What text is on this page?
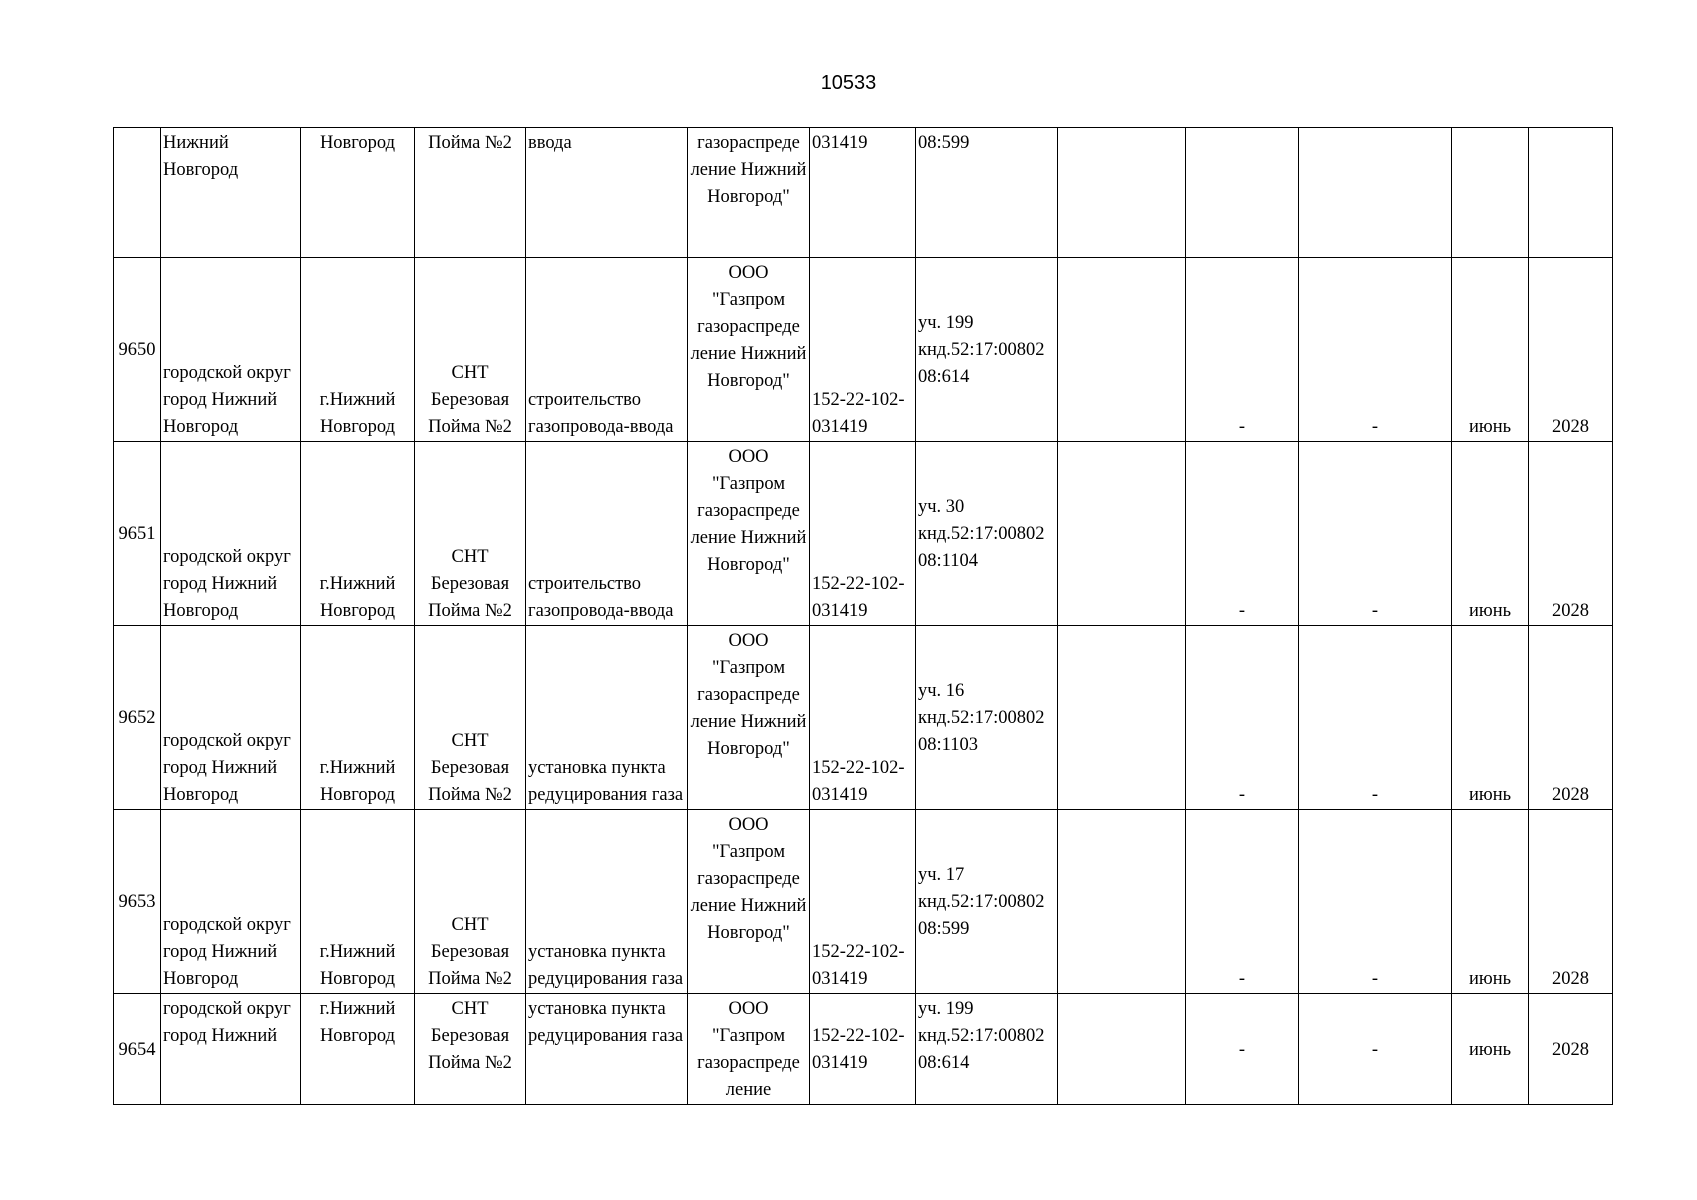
10533
	Нижний Новгород	Новгород	Пойма №2	ввода	газораспреде ление Нижний Новгород"	031419	08:599					
9650	городской округ город Нижний Новгород	г.Нижний Новгород	СНТ Березовая Пойма №2	строительство газопровода-ввода	ООО "Газпром газораспреде ление Нижний Новгород"	152-22-102-031419	уч. 199 кнд.52:17:00802 08:614		-	-	июнь	2028
9651	городской округ город Нижний Новгород	г.Нижний Новгород	СНТ Березовая Пойма №2	строительство газопровода-ввода	ООО "Газпром газораспреде ление Нижний Новгород"	152-22-102-031419	уч. 30 кнд.52:17:00802 08:1104		-	-	июнь	2028
9652	городской округ город Нижний Новгород	г.Нижний Новгород	СНТ Березовая Пойма №2	установка пункта редуцирования газа	ООО "Газпром газораспреде ление Нижний Новгород"	152-22-102-031419	уч. 16 кнд.52:17:00802 08:1103		-	-	июнь	2028
9653	городской округ город Нижний Новгород	г.Нижний Новгород	СНТ Березовая Пойма №2	установка пункта редуцирования газа	ООО "Газпром газораспреде ление Нижний Новгород"	152-22-102-031419	уч. 17 кнд.52:17:00802 08:599		-	-	июнь	2028
9654	городской округ город Нижний	г.Нижний Новгород	СНТ Березовая Пойма №2	установка пункта редуцирования газа	ООО "Газпром газораспреде ление	152-22-102-031419	уч. 199 кнд.52:17:00802 08:614		-	-	июнь	2028
